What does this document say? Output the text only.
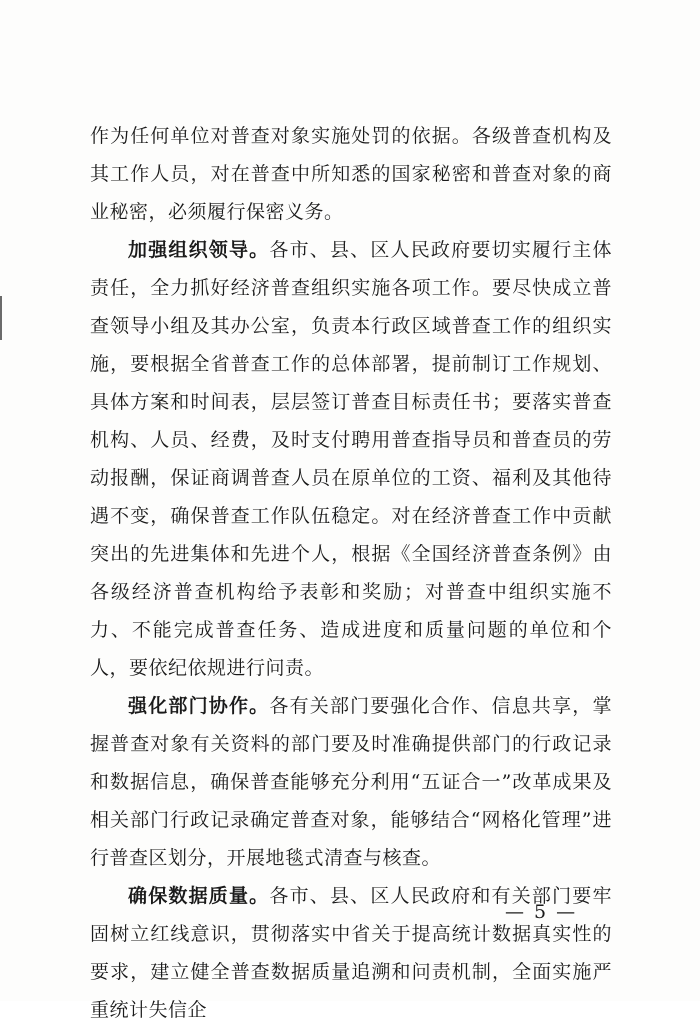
作为任何单位对普查对象实施处罚的依据。各级普查机构及其工作人员，对在普查中所知悉的国家秘密和普查对象的商业秘密，必须履行保密义务。

加强组织领导。各市、县、区人民政府要切实履行主体责任，全力抓好经济普查组织实施各项工作。要尽快成立普查领导小组及其办公室，负责本行政区域普查工作的组织实施，要根据全省普查工作的总体部署，提前制订工作规划、具体方案和时间表，层层签订普查目标责任书；要落实普查机构、人员、经费，及时支付聘用普查指导员和普查员的劳动报酬，保证商调普查人员在原单位的工资、福利及其他待遇不变，确保普查工作队伍稳定。对在经济普查工作中贡献突出的先进集体和先进个人，根据《全国经济普查条例》由各级经济普查机构给予表彰和奖励；对普查中组织实施不力、不能完成普查任务、造成进度和质量问题的单位和个人，要依纪依规进行问责。

强化部门协作。各有关部门要强化合作、信息共享，掌握普查对象有关资料的部门要及时准确提供部门的行政记录和数据信息，确保普查能够充分利用“五证合一”改革成果及相关部门行政记录确定普查对象，能够结合“网格化管理”进行普查区划分，开展地毯式清查与核查。

确保数据质量。各市、县、区人民政府和有关部门要牢固树立红线意识，贯彻落实中省关于提高统计数据真实性的要求，建立健全普查数据质量追溯和问责机制，全面实施严重统计失信企

— 5 —
